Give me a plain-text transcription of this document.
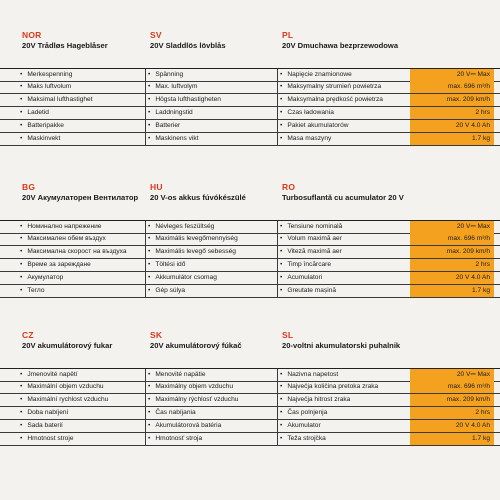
NOR
20V Trådløs Hageblåser
SV
20V Sladdlös lövblås
PL
20V Dmuchawa bezprzewodowa
• Merkespenning	• Spänning	• Napięcie znamionowe	20 V⎓ Max
• Maks luftvolum	• Max. luftvolym	• Maksymalny strumień powietrza	max. 696 m³/h
• Maksimal lufthastighet	• Högsta lufthastigheten	• Maksymalna prędkość powietrza	max. 209 km/h
• Ladetid	• Laddningstid	• Czas ładowania	2 hrs
• Batteripakke	• Batterier	• Pakiet akumulatorów	20 V 4.0 Ah
• Maskinvekt	• Maskinens vikt	• Masa maszyny	1.7 kg
BG
20V Акумулаторен Вентилатор
HU
20 V-os akkus fúvókészülé
RO
Turbosuflantă cu acumulator 20 V
• Номинално напрежение	• Névleges feszültség	• Tensiune nominală	20 V⎓ Max
• Максимален обем въздух	• Maximális levegőmennyiség	• Volum maximă aer	max. 696 m³/h
• Максимална скорост на въздуха	• Maximális levegő sebesség	• Viteză maximă aer	max. 209 km/h
• Време за зареждане	• Töltési idő	• Timp încărcare	2 hrs
• Акумулатор	• Akkumulátor csomag	• Acumulatori	20 V 4.0 Ah
• Тегло	• Gép súlya	• Greutate mașină	1.7 kg
CZ
20V akumulátorový fukar
SK
20V akumulátorový fúkač
SL
20-voltni akumulatorski puhalnik
• Jmenovité napětí	• Menovité napätie	• Nazivna napetost	20 V⎓ Max
• Maximální objem vzduchu	• Maximálny objem vzduchu	• Največja količina pretoka zraka	max. 696 m³/h
• Maximální rychlost vzduchu	• Maximálny rýchlosť vzduchu	• Največja hitrost zraka	max. 209 km/h
• Doba nabíjení	• Čas nabíjania	• Čas polnjenja	2 hrs
• Sada baterií	• Akumulátorová batéria	• Akumulator	20 V 4.0 Ah
• Hmotnost stroje	• Hmotnosť stroja	• Teža strojčka	1.7 kg
